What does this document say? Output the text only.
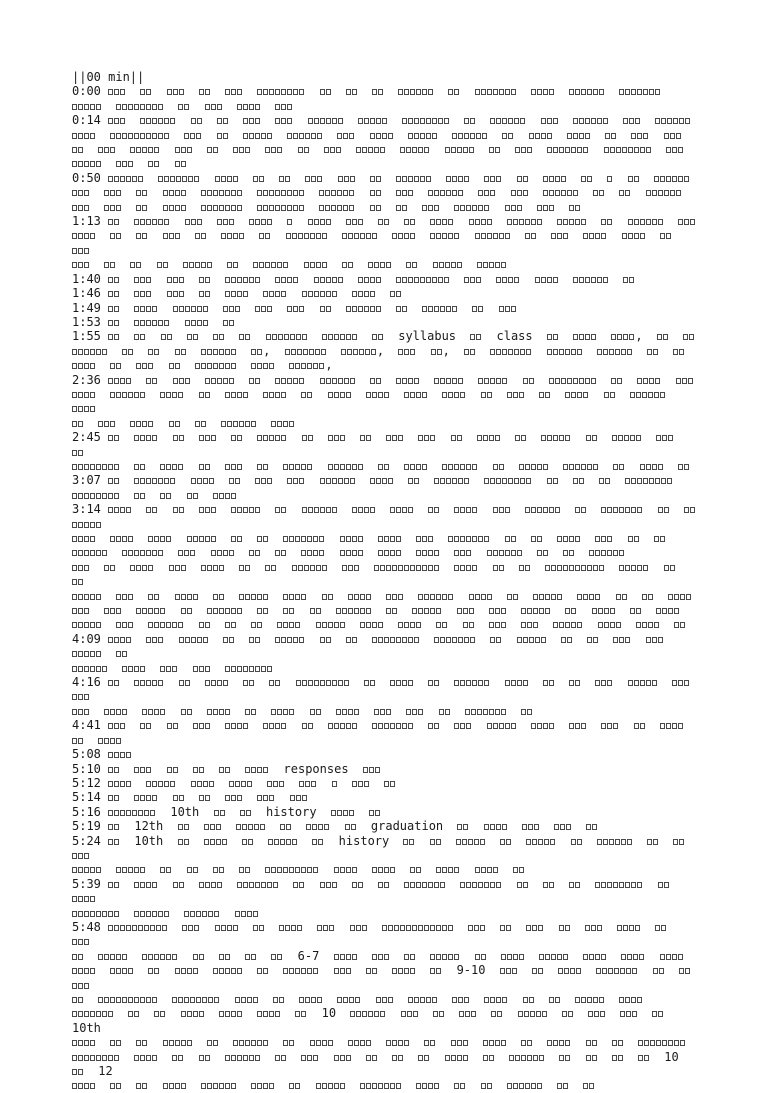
||00 min||
0:00

0:14

0:50

1:13

1:40
1:46
1:49
1:53
1:55	syllabus	class	,
,	,	,
,
2:36

2:45

3:07

3:14

4:09

4:16

4:41

5:08
5:10	responses
5:12
5:14
5:16	10th	history
5:19  12th	graduation
5:24  10th	history

5:39

5:48
6-7
9-10

10           10th

10  12
